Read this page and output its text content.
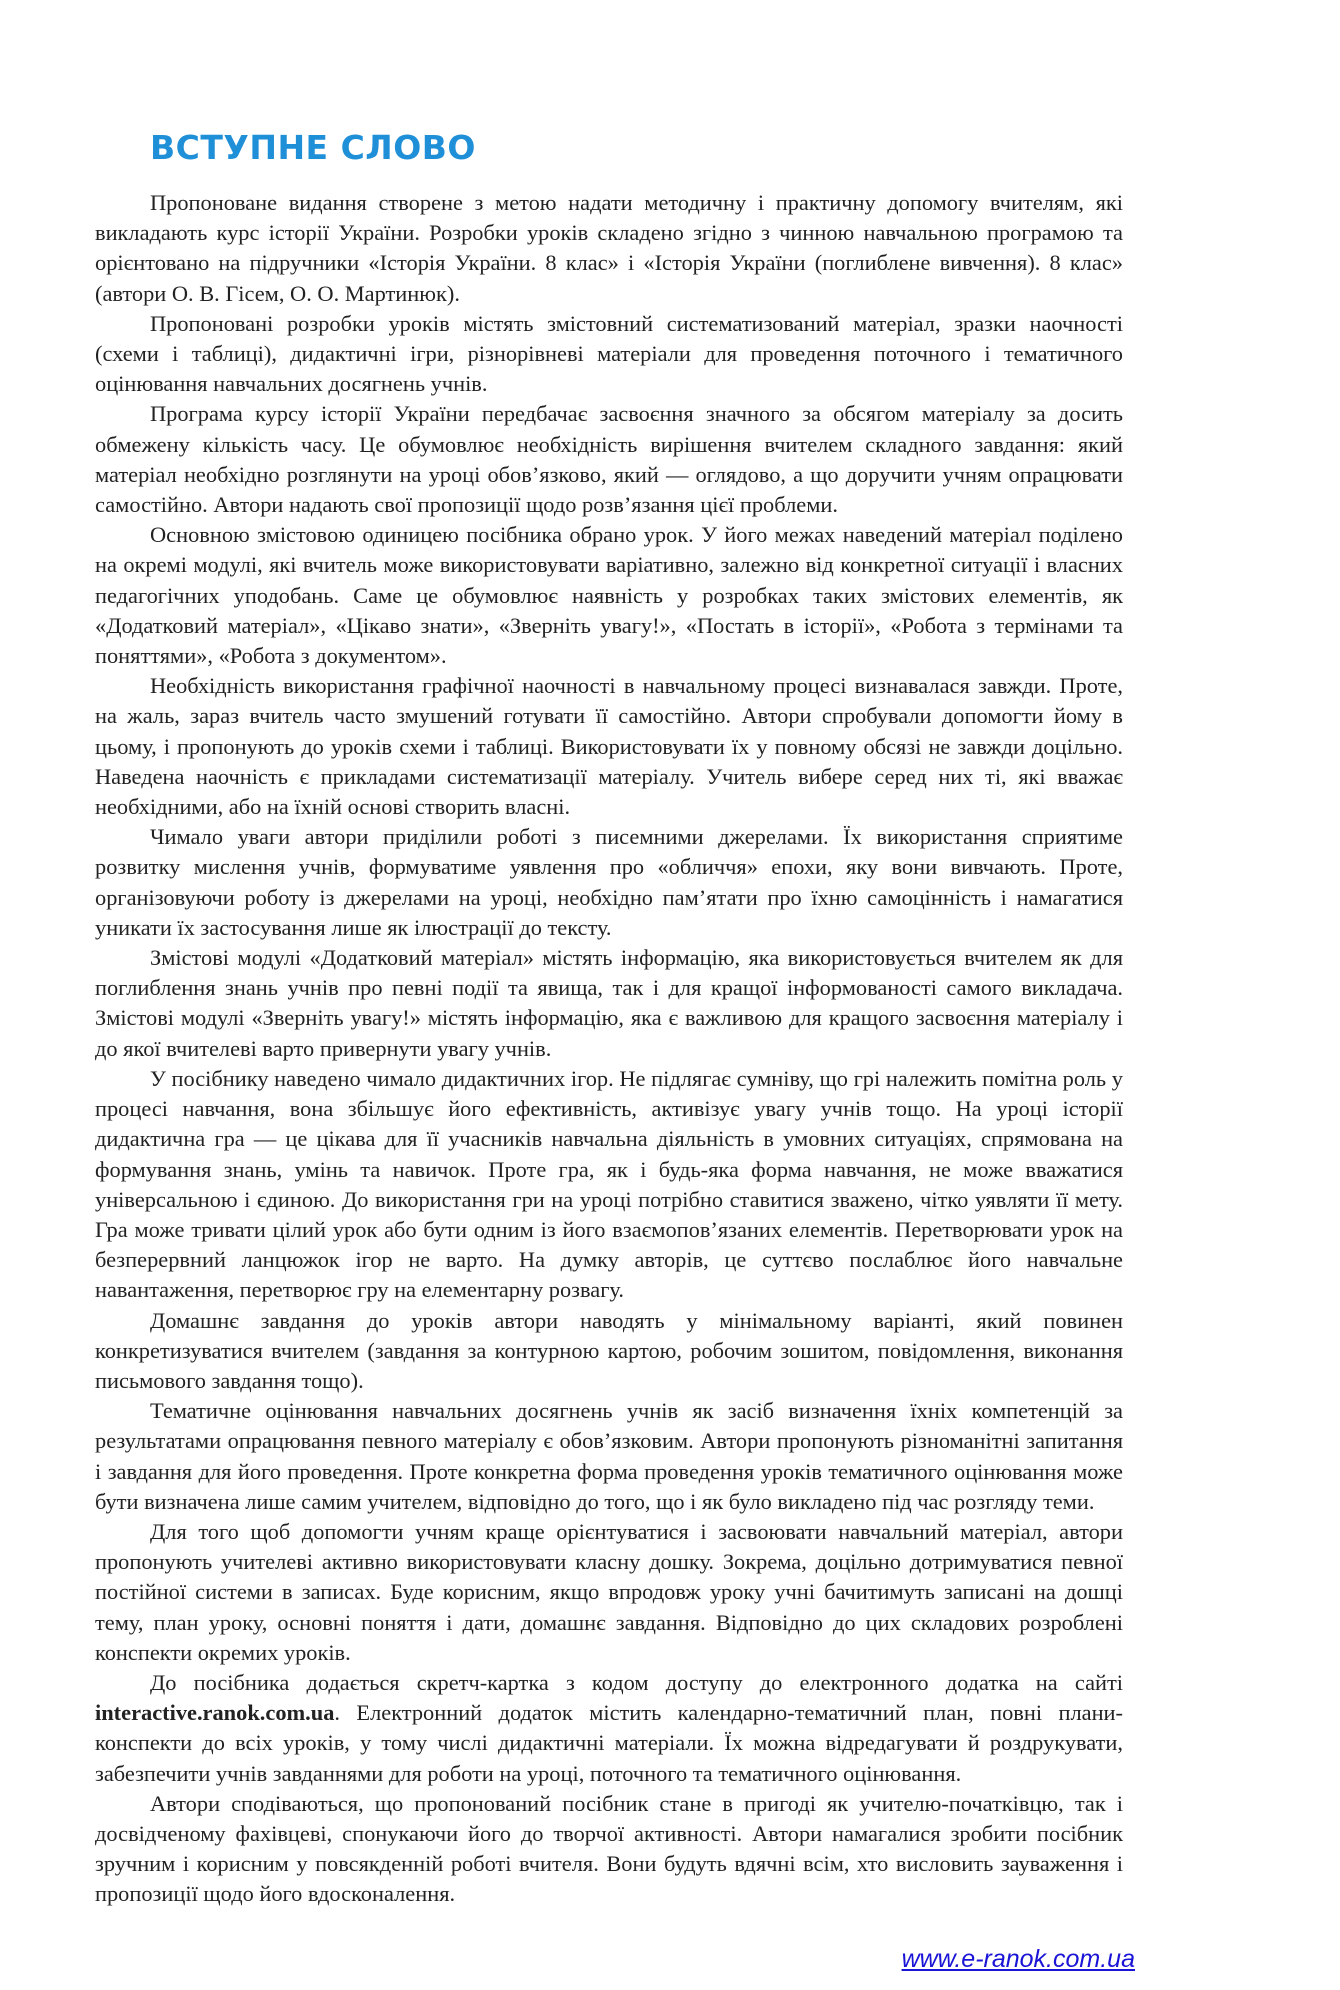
ВСТУПНЕ СЛОВО

Пропоноване видання створене з метою надати методичну і практичну допомогу вчителям, які викладають курс історії України. Розробки уроків складено згідно з чинною навчальною програмою та орієнтовано на підручники «Історія України. 8 клас» і «Історія України (поглиблене вивчення). 8 клас» (автори О. В. Гісем, О. О. Мартинюк).

Пропоновані розробки уроків містять змістовний систематизований матеріал, зразки наочності (схеми і таблиці), дидактичні ігри, різнорівневі матеріали для проведення поточного і тематичного оцінювання навчальних досягнень учнів.

Програма курсу історії України передбачає засвоєння значного за обсягом матеріалу за досить обмежену кількість часу. Це обумовлює необхідність вирішення вчителем складного завдання: який матеріал необхідно розглянути на уроці обов’язково, який — оглядово, а що доручити учням опрацювати самостійно. Автори надають свої пропозиції щодо розв’язання цієї проблеми.

Основною змістовою одиницею посібника обрано урок. У його межах наведений матеріал поділено на окремі модулі, які вчитель може використовувати варіативно, залежно від конкретної ситуації і власних педагогічних уподобань. Саме це обумовлює наявність у розробках таких змістових елементів, як «Додатковий матеріал», «Цікаво знати», «Зверніть увагу!», «Постать в історії», «Робота з термінами та поняттями», «Робота з документом».

Необхідність використання графічної наочності в навчальному процесі визнавалася завжди. Проте, на жаль, зараз вчитель часто змушений готувати її самостійно. Автори спробували допомогти йому в цьому, і пропонують до уроків схеми і таблиці. Використовувати їх у повному обсязі не завжди доцільно. Наведена наочність є прикладами систематизації матеріалу. Учитель вибере серед них ті, які вважає необхідними, або на їхній основі створить власні.

Чимало уваги автори приділили роботі з писемними джерелами. Їх використання сприятиме розвитку мислення учнів, формуватиме уявлення про «обличчя» епохи, яку вони вивчають. Проте, організовуючи роботу із джерелами на уроці, необхідно пам’ятати про їхню самоцінність і намагатися уникати їх застосування лише як ілюстрації до тексту.

Змістові модулі «Додатковий матеріал» містять інформацію, яка використовується вчителем як для поглиблення знань учнів про певні події та явища, так і для кращої інформованості самого викладача. Змістові модулі «Зверніть увагу!» містять інформацію, яка є важливою для кращого засвоєння матеріалу і до якої вчителеві варто привернути увагу учнів.

У посібнику наведено чимало дидактичних ігор. Не підлягає сумніву, що грі належить помітна роль у процесі навчання, вона збільшує його ефективність, активізує увагу учнів тощо. На уроці історії дидактична гра — це цікава для її учасників навчальна діяльність в умовних ситуаціях, спрямована на формування знань, умінь та навичок. Проте гра, як і будь-яка форма навчання, не може вважатися універсальною і єдиною. До використання гри на уроці потрібно ставитися зважено, чітко уявляти її мету. Гра може тривати цілий урок або бути одним із його взаємопов’язаних елементів. Перетворювати урок на безперервний ланцюжок ігор не варто. На думку авторів, це суттєво послаблює його навчальне навантаження, перетворює гру на елементарну розвагу.

Домашнє завдання до уроків автори наводять у мінімальному варіанті, який повинен конкретизуватися вчителем (завдання за контурною картою, робочим зошитом, повідомлення, виконання письмового завдання тощо).

Тематичне оцінювання навчальних досягнень учнів як засіб визначення їхніх компетенцій за результатами опрацювання певного матеріалу є обов’язковим. Автори пропонують різноманітні запитання і завдання для його проведення. Проте конкретна форма проведення уроків тематичного оцінювання може бути визначена лише самим учителем, відповідно до того, що і як було викладено під час розгляду теми.

Для того щоб допомогти учням краще орієнтуватися і засвоювати навчальний матеріал, автори пропонують учителеві активно використовувати класну дошку. Зокрема, доцільно дотримуватися певної постійної системи в записах. Буде корисним, якщо впродовж уроку учні бачитимуть записані на дошці тему, план уроку, основні поняття і дати, домашнє завдання. Відповідно до цих складових розроблені конспекти окремих уроків.

До посібника додається скретч-картка з кодом доступу до електронного додатка на сайті interactive.ranok.com.ua. Електронний додаток містить календарно-тематичний план, повні плани-конспекти до всіх уроків, у тому числі дидактичні матеріали. Їх можна відредагувати й роздрукувати, забезпечити учнів завданнями для роботи на уроці, поточного та тематичного оцінювання.

Автори сподіваються, що пропонований посібник стане в пригоді як учителю-початківцю, так і досвідченому фахівцеві, спонукаючи його до творчої активності. Автори намагалися зробити посібник зручним і корисним у повсякденній роботі вчителя. Вони будуть вдячні всім, хто висловить зауваження і пропозиції щодо його вдосконалення.

www.e-ranok.com.ua
